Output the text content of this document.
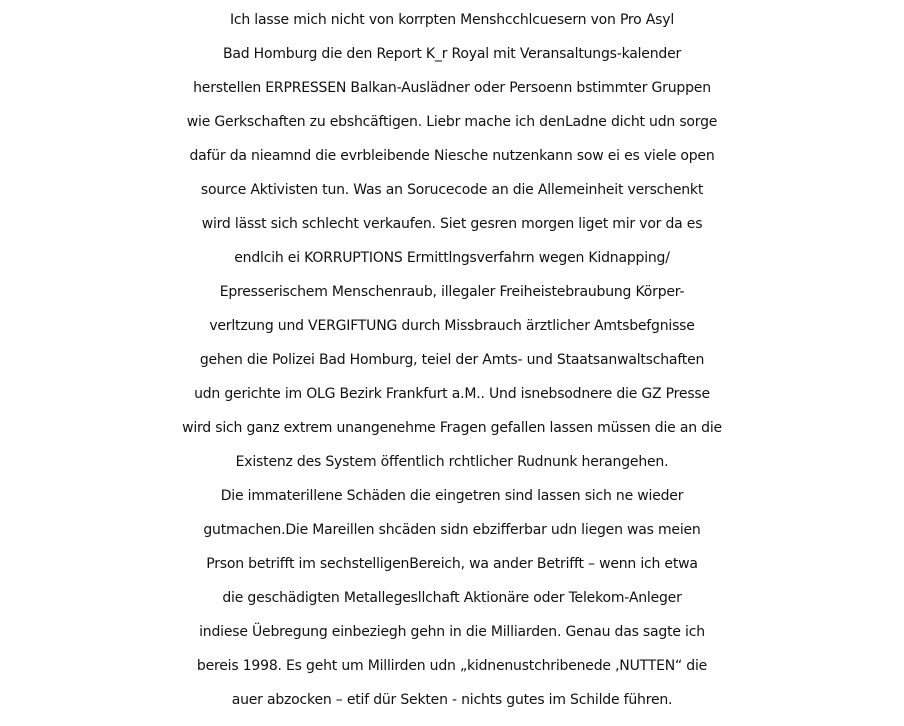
Ich lasse mich nicht von korrpten Menshcchlcuesern von Pro Asyl
Bad Homburg die den Report K_r Royal mit Veransaltungs-kalender
herstellen ERPRESSEN Balkan-Auslädner oder Persoenn bstimmter Gruppen
wie Gerkschaften zu ebshcäftigen. Liebr mache ich denLadne dicht udn sorge
dafür da nieamnd die evrbleibende Niesche nutzenkann sow ei es viele open
source Aktivisten tun. Was an Sorucecode an die Allemeinheit verschenkt
wird lässt sich schlecht verkaufen. Siet gesren morgen liget mir vor da es
endlcih ei KORRUPTIONS Ermittlngsverfahrn wegen Kidnapping/
Epresserischem Menschenraub, illegaler Freiheistebraubung Körper-
verltzung und VERGIFTUNG durch Missbrauch ärztlicher Amtsbefgnisse
gehen die Polizei Bad Homburg, teiel der Amts- und Staatsanwaltschaften
udn gerichte im OLG Bezirk Frankfurt a.M.. Und isnebsodnere die GZ Presse
wird sich ganz extrem unangenehme Fragen gefallen lassen müssen die an die
Existenz des System öffentlich rchtlicher Rudnunk herangehen.
Die immaterillene Schäden die eingetren sind lassen sich ne wieder
gutmachen.Die Mareillen shcäden sidn ebzifferbar udn liegen was meien
Prson betrifft im sechstelligenBereich, wa ander Betrifft – wenn ich etwa
die geschädigten Metallegesllchaft Aktionäre oder Telekom-Anleger
indiese Üebregung einbeziegh gehn in die Milliarden. Genau das sagte ich
bereis 1998. Es geht um Millirden udn „kidnenustchribenede ‚NUTTEN“ die
auer abzocken – etif dür Sekten - nichts gutes im Schilde führen.
